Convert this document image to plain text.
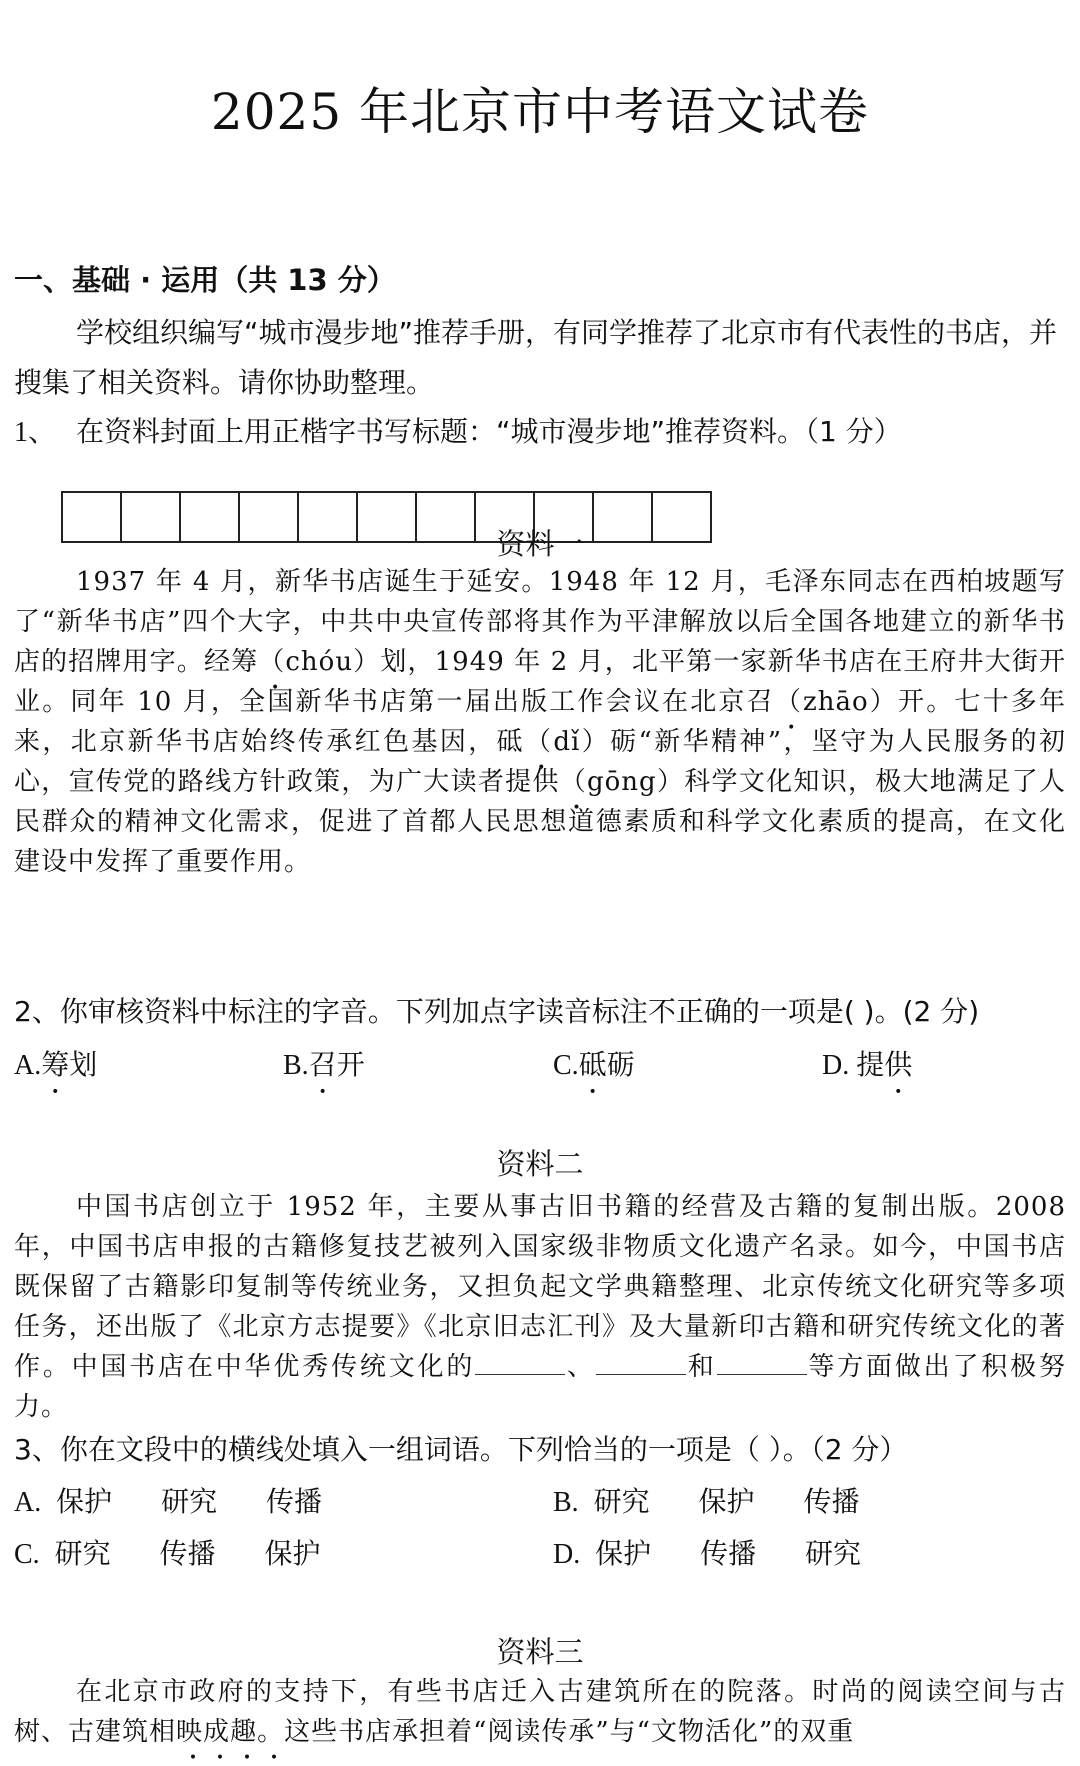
2025 年北京市中考语文试卷
一、基础 · 运用（共 13 分）
学校组织编写“城市漫步地”推荐手册，有同学推荐了北京市有代表性的书店，并搜集了相关资料。请你协助整理。
1、 在资料封面上用正楷字书写标题：“城市漫步地”推荐资料。（1 分）
资料一
1937 年 4 月，新华书店诞生于延安。1948 年 12 月，毛泽东同志在西柏坡题写了“新华书店”四个大字，中共中央宣传部将其作为平津解放以后全国各地建立的新华书店的招牌用字。经筹（chóu）划，1949 年 2 月，北平第一家新华书店在王府井大街开业。同年 10 月，全国新华书店第一届出版工作会议在北京召（zhāo）开。七十多年来，北京新华书店始终传承红色基因，砥（dǐ）砺“新华精神”，坚守为人民服务的初心，宣传党的路线方针政策，为广大读者提供（gōng）科学文化知识，极大地满足了人民群众的精神文化需求，促进了首都人民思想道德素质和科学文化素质的提高，在文化建设中发挥了重要作用。
2、你审核资料中标注的字音。下列加点字读音标注不正确的一项是( )。(2 分)
A.筹划	B.召开	C.砥砺	D. 提供
资料二
中国书店创立于 1952 年，主要从事古旧书籍的经营及古籍的复制出版。2008 年，中国书店申报的古籍修复技艺被列入国家级非物质文化遗产名录。如今，中国书店既保留了古籍影印复制等传统业务，又担负起文学典籍整理、北京传统文化研究等多项任务，还出版了《北京方志提要》《北京旧志汇刊》及大量新印古籍和研究传统文化的著作。中国书店在中华优秀传统文化的	、	和	等方面做出了积极努力。
3、你在文段中的横线处填入一组词语。下列恰当的一项是（ ）。（2 分）
A. 保护 研究 传播	B. 研究 保护 传播
C. 研究 传播 保护	D. 保护 传播 研究
资料三
在北京市政府的支持下，有些书店迁入古建筑所在的院落。时尚的阅读空间与古树、古建筑相映成趣。这些书店承担着“阅读传承”与“文物活化”的双重
